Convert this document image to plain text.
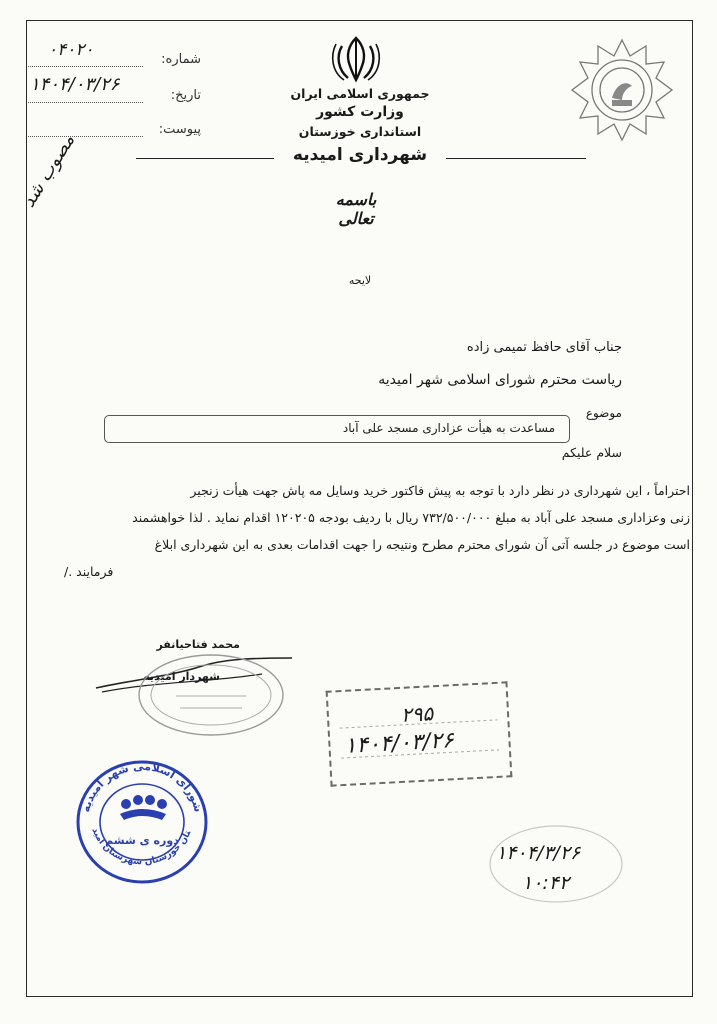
۰۴۰۲۰	شماره:
۱۴۰۴/۰۳/۲۶
تاریخ:
پیوست:
جمهوری اسلامی ایران
وزارت کشور
استانداری خوزستان
شهرداری امیدیه
مصوب شد	باسمه تعالی
لایحه
جناب آقای حافظ تمیمی زاده
ریاست محترم شورای اسلامی شهر امیدیه
موضوع
مساعدت به هیأت عزاداری مسجد علی آباد
سلام علیکم
احتراماً ، این شهرداری در نظر دارد با توجه به پیش فاکتور خرید وسایل مه پاش جهت هیأت زنجیر
زنی وعزاداری مسجد علی آباد به مبلغ ۷۳۲/۵۰۰/۰۰۰ ریال با ردیف بودجه ۱۲۰۲۰۵ اقدام نماید . لذا خواهشمند
است موضوع در جلسه آتی آن شورای محترم مطرح ونتیجه را جهت اقدامات بعدی به این شهرداری ابلاغ
فرمایند ./
محمد فتاحیانفر
شهردار امیدیه
۲۹۵
۱۴۰۴/۰۳/۲۶
شورای اسلامی شهر امیدیه
تان خوزستان شهرستان امید
دوره ی ششم
۱۴۰۴/۳/۲۶
۱۰:۴۲
